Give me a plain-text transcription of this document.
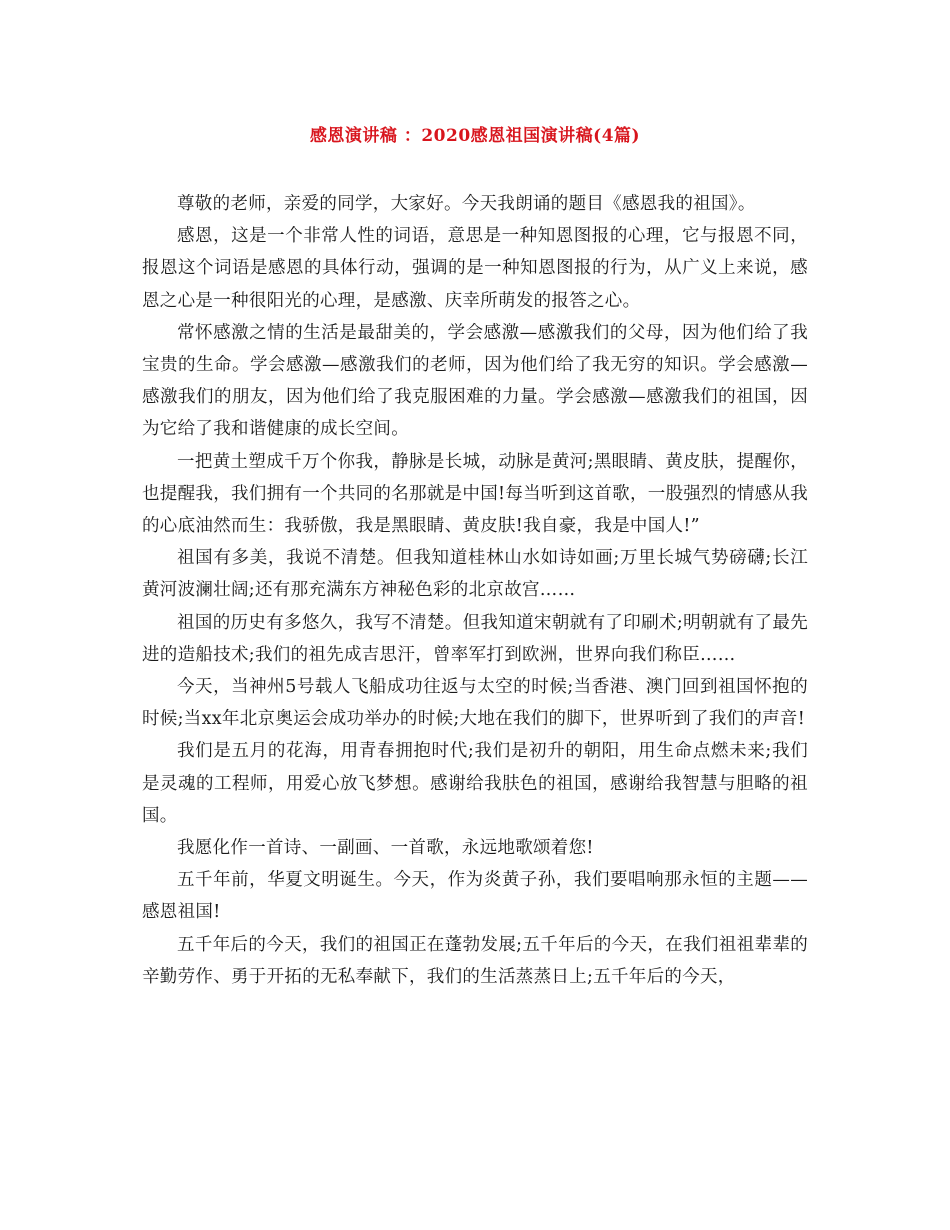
感恩演讲稿 ：2020感恩祖国演讲稿(4篇)

尊敬的老师，亲爱的同学，大家好。今天我朗诵的题目《感恩我的祖国》。

感恩，这是一个非常人性的词语，意思是一种知恩图报的心理，它与报恩不同，报恩这个词语是感恩的具体行动，强调的是一种知恩图报的行为，从广义上来说，感恩之心是一种很阳光的心理，是感激、庆幸所萌发的报答之心。

常怀感激之情的生活是最甜美的，学会感激—感激我们的父母，因为他们给了我宝贵的生命。学会感激—感激我们的老师，因为他们给了我无穷的知识。学会感激—感激我们的朋友，因为他们给了我克服困难的力量。学会感激—感激我们的祖国，因为它给了我和谐健康的成长空间。

一把黄土塑成千万个你我，静脉是长城，动脉是黄河;黑眼睛、黄皮肤，提醒你，也提醒我，我们拥有一个共同的名那就是中国!每当听到这首歌，一股强烈的情感从我的心底油然而生：我骄傲，我是黑眼睛、黄皮肤!我自豪，我是中国人!”

祖国有多美，我说不清楚。但我知道桂林山水如诗如画;万里长城气势磅礴;长江黄河波澜壮阔;还有那充满东方神秘色彩的北京故宫……

祖国的历史有多悠久，我写不清楚。但我知道宋朝就有了印刷术;明朝就有了最先进的造船技术;我们的祖先成吉思汗，曾率军打到欧洲，世界向我们称臣……

今天，当神州5号载人飞船成功往返与太空的时候;当香港、澳门回到祖国怀抱的时候;当xx年北京奥运会成功举办的时候;大地在我们的脚下，世界听到了我们的声音!

我们是五月的花海，用青春拥抱时代;我们是初升的朝阳，用生命点燃未来;我们是灵魂的工程师，用爱心放飞梦想。感谢给我肤色的祖国，感谢给我智慧与胆略的祖国。

我愿化作一首诗、一副画、一首歌，永远地歌颂着您!

五千年前，华夏文明诞生。今天，作为炎黄子孙，我们要唱响那永恒的主题——感恩祖国!

五千年后的今天，我们的祖国正在蓬勃发展;五千年后的今天，在我们祖祖辈辈的辛勤劳作、勇于开拓的无私奉献下，我们的生活蒸蒸日上;五千年后的今天，
